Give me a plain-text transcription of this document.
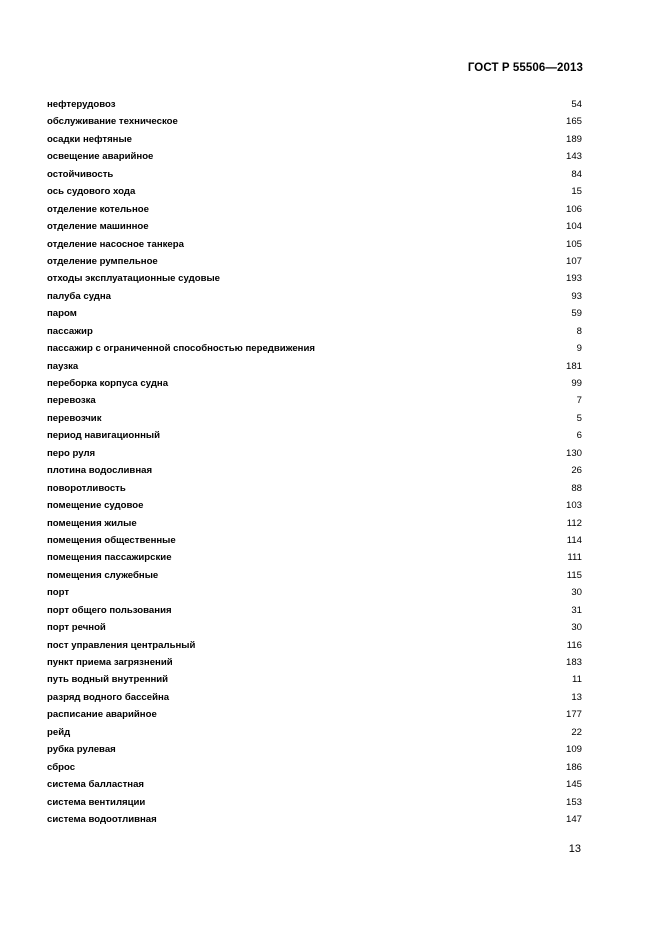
ГОСТ Р 55506—2013
нефтерудовоз	54
обслуживание техническое	165
осадки нефтяные	189
освещение аварийное	143
остойчивость	84
ось судового хода	15
отделение котельное	106
отделение машинное	104
отделение насосное танкера	105
отделение румпельное	107
отходы эксплуатационные судовые	193
палуба судна	93
паром	59
пассажир	8
пассажир с ограниченной способностью передвижения	9
паузка	181
переборка корпуса судна	99
перевозка	7
перевозчик	5
период навигационный	6
перо руля	130
плотина водосливная	26
поворотливость	88
помещение судовое	103
помещения жилые	112
помещения общественные	114
помещения пассажирские	111
помещения служебные	115
порт	30
порт общего пользования	31
порт речной	30
пост управления центральный	116
пункт приема загрязнений	183
путь водный внутренний	11
разряд водного бассейна	13
расписание аварийное	177
рейд	22
рубка рулевая	109
сброс	186
система балластная	145
система вентиляции	153
система водоотливная	147
13
